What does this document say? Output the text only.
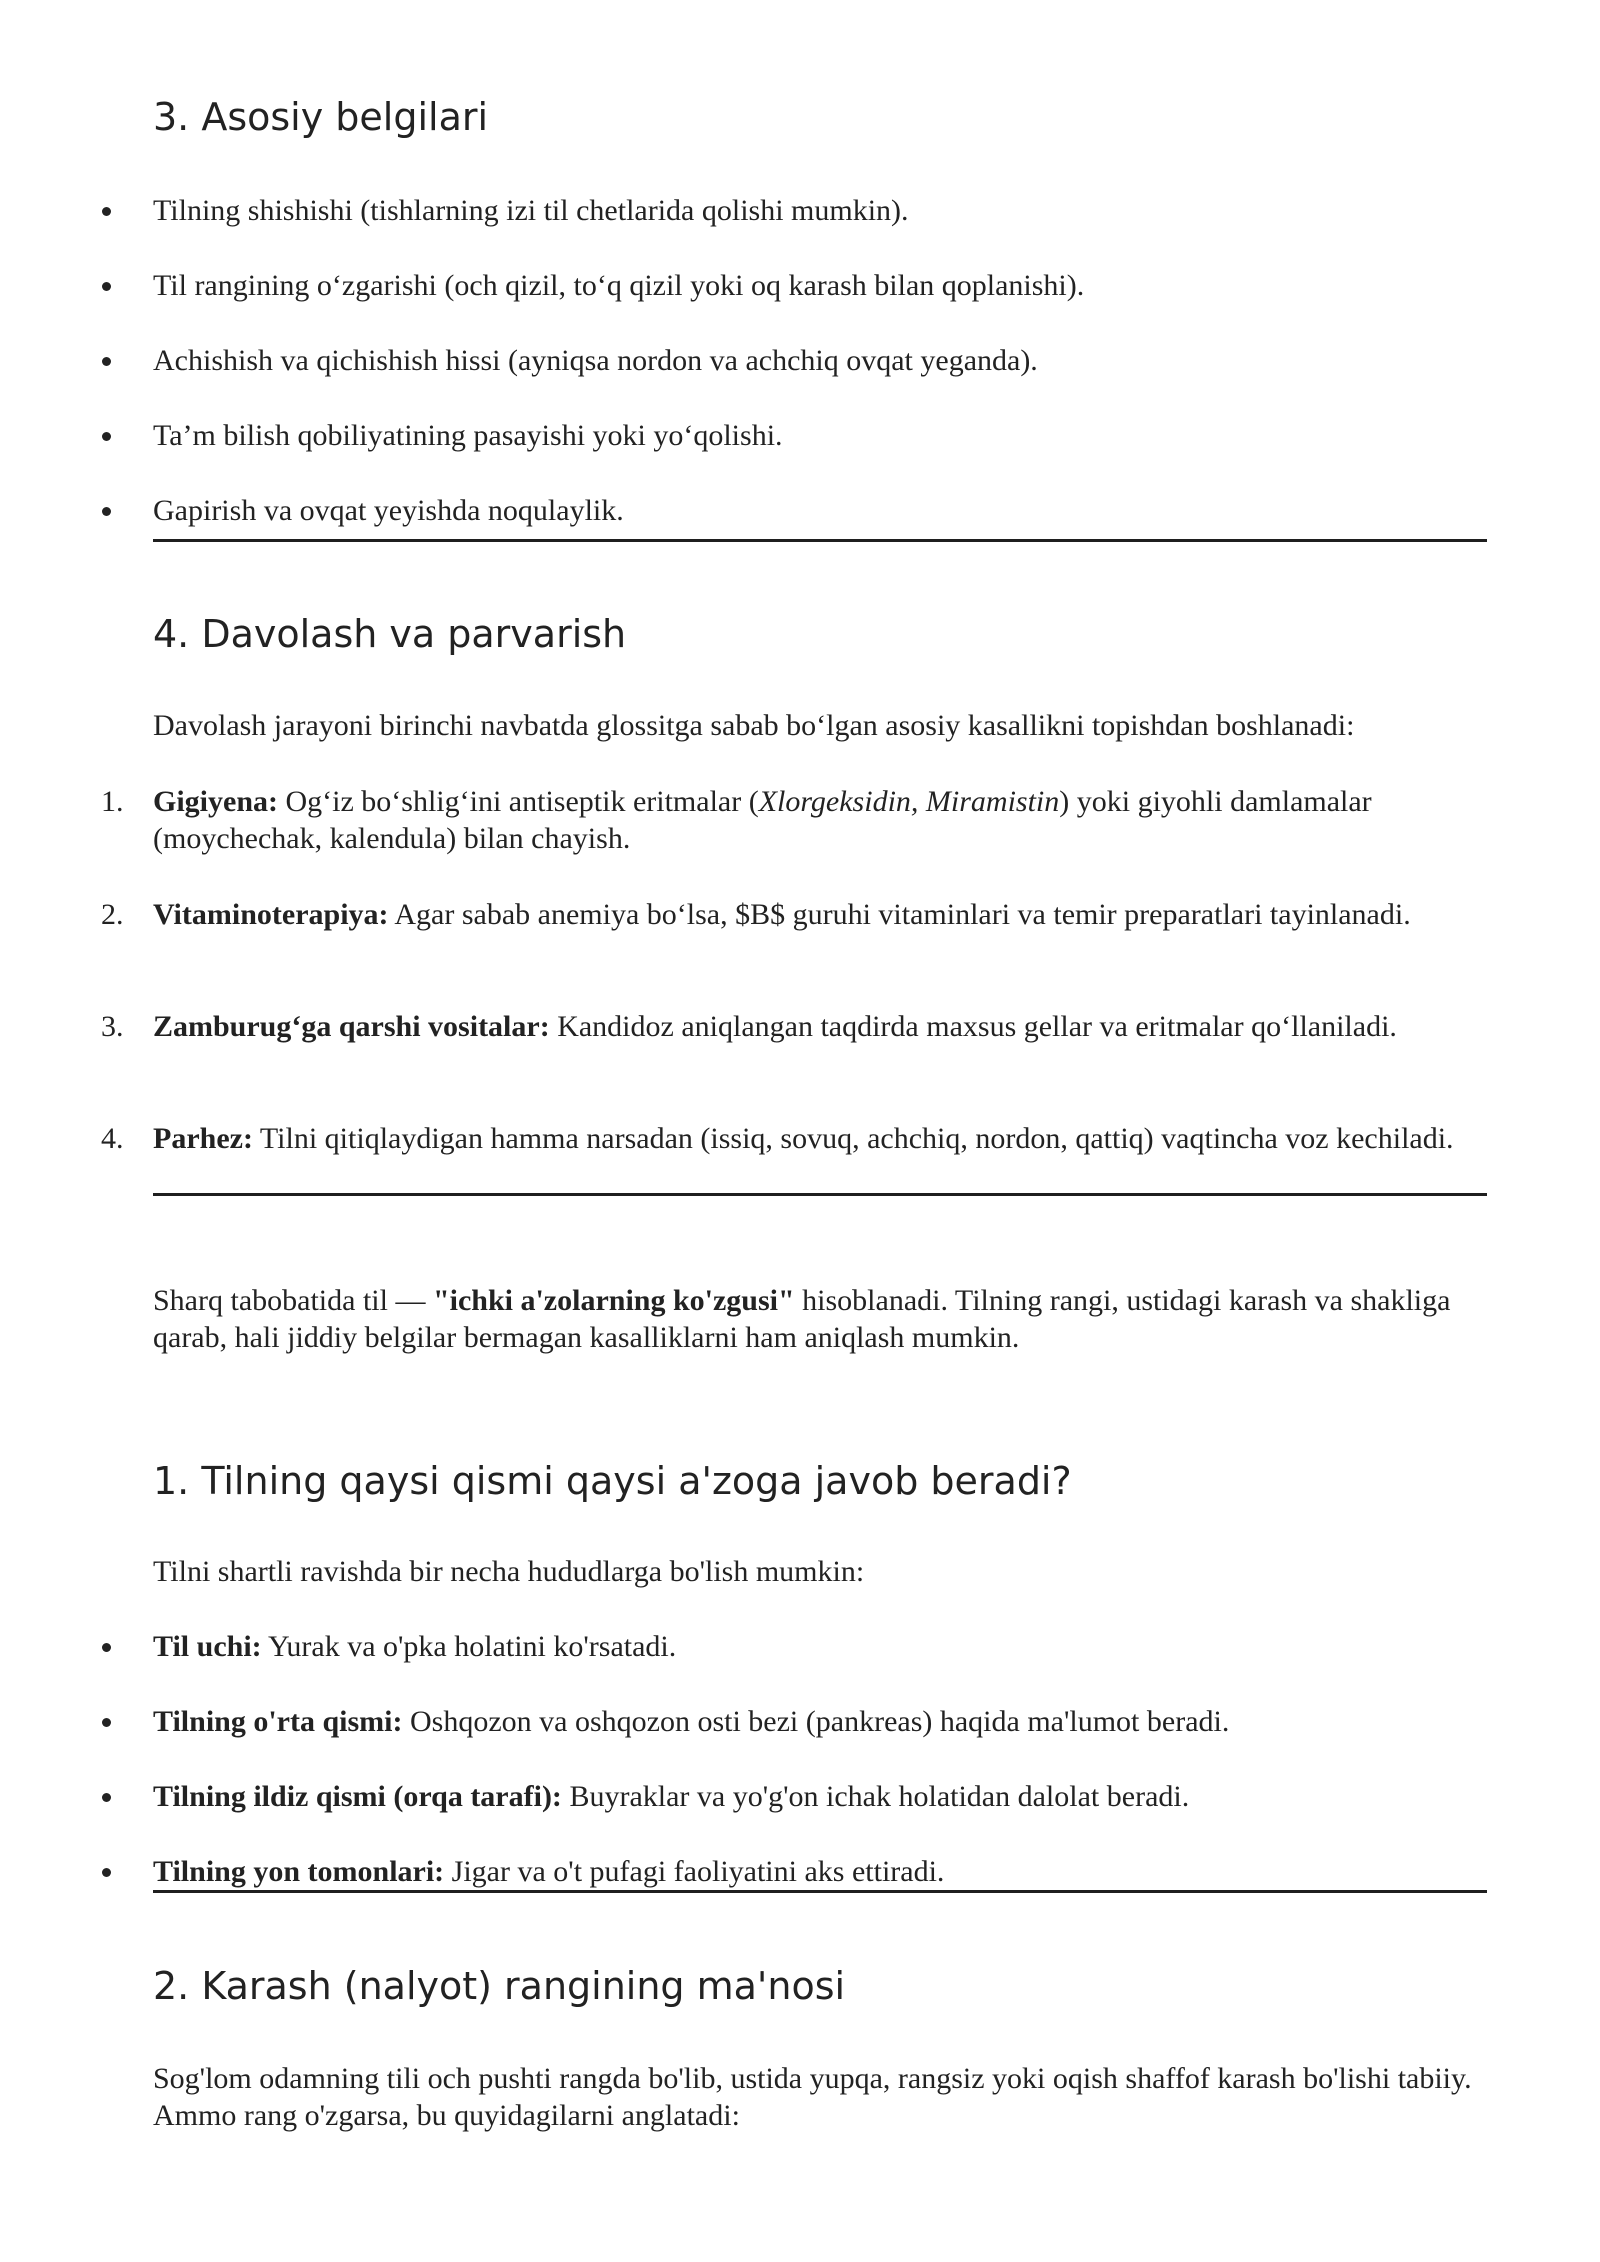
3. Asosiy belgilari
Tilning shishishi (tishlarning izi til chetlarida qolishi mumkin).
Til rangining o‘zgarishi (och qizil, to‘q qizil yoki oq karash bilan qoplanishi).
Achishish va qichishish hissi (ayniqsa nordon va achchiq ovqat yeganda).
Ta’m bilish qobiliyatining pasayishi yoki yo‘qolishi.
Gapirish va ovqat yeyishda noqulaylik.
4. Davolash va parvarish

Davolash jarayoni birinchi navbatda glossitga sabab bo‘lgan asosiy kasallikni topishdan boshlanadi:

1. Gigiyena: Og‘iz bo‘shlig‘ini antiseptik eritmalar (Xlorgeksidin, Miramistin) yoki giyohli damlamalar (moychechak, kalendula) bilan chayish.
2. Vitaminoterapiya: Agar sabab anemiya bo‘lsa, $B$ guruhi vitaminlari va temir preparatlari tayinlanadi.
3. Zamburug‘ga qarshi vositalar: Kandidoz aniqlangan taqdirda maxsus gellar va eritmalar qo‘llaniladi.
4. Parhez: Tilni qitiqlaydigan hamma narsadan (issiq, sovuq, achchiq, nordon, qattiq) vaqtincha voz kechiladi.

Sharq tabobatida til — "ichki a'zolarning ko'zgusi" hisoblanadi. Tilning rangi, ustidagi karash va shakliga qarab, hali jiddiy belgilar bermagan kasalliklarni ham aniqlash mumkin.

1. Tilning qaysi qismi qaysi a'zoga javob beradi?

Tilni shartli ravishda bir necha hududlarga bo'lish mumkin:

Til uchi: Yurak va o'pka holatini ko'rsatadi.
Tilning o'rta qismi: Oshqozon va oshqozon osti bezi (pankreas) haqida ma'lumot beradi.
Tilning ildiz qismi (orqa tarafi): Buyraklar va yo'g'on ichak holatidan dalolat beradi.
Tilning yon tomonlari: Jigar va o't pufagi faoliyatini aks ettiradi.
2. Karash (nalyot) rangining ma'nosi

Sog'lom odamning tili och pushti rangda bo'lib, ustida yupqa, rangsiz yoki oqish shaffof karash bo'lishi tabiiy. Ammo rang o'zgarsa, bu quyidagilarni anglatadi:
